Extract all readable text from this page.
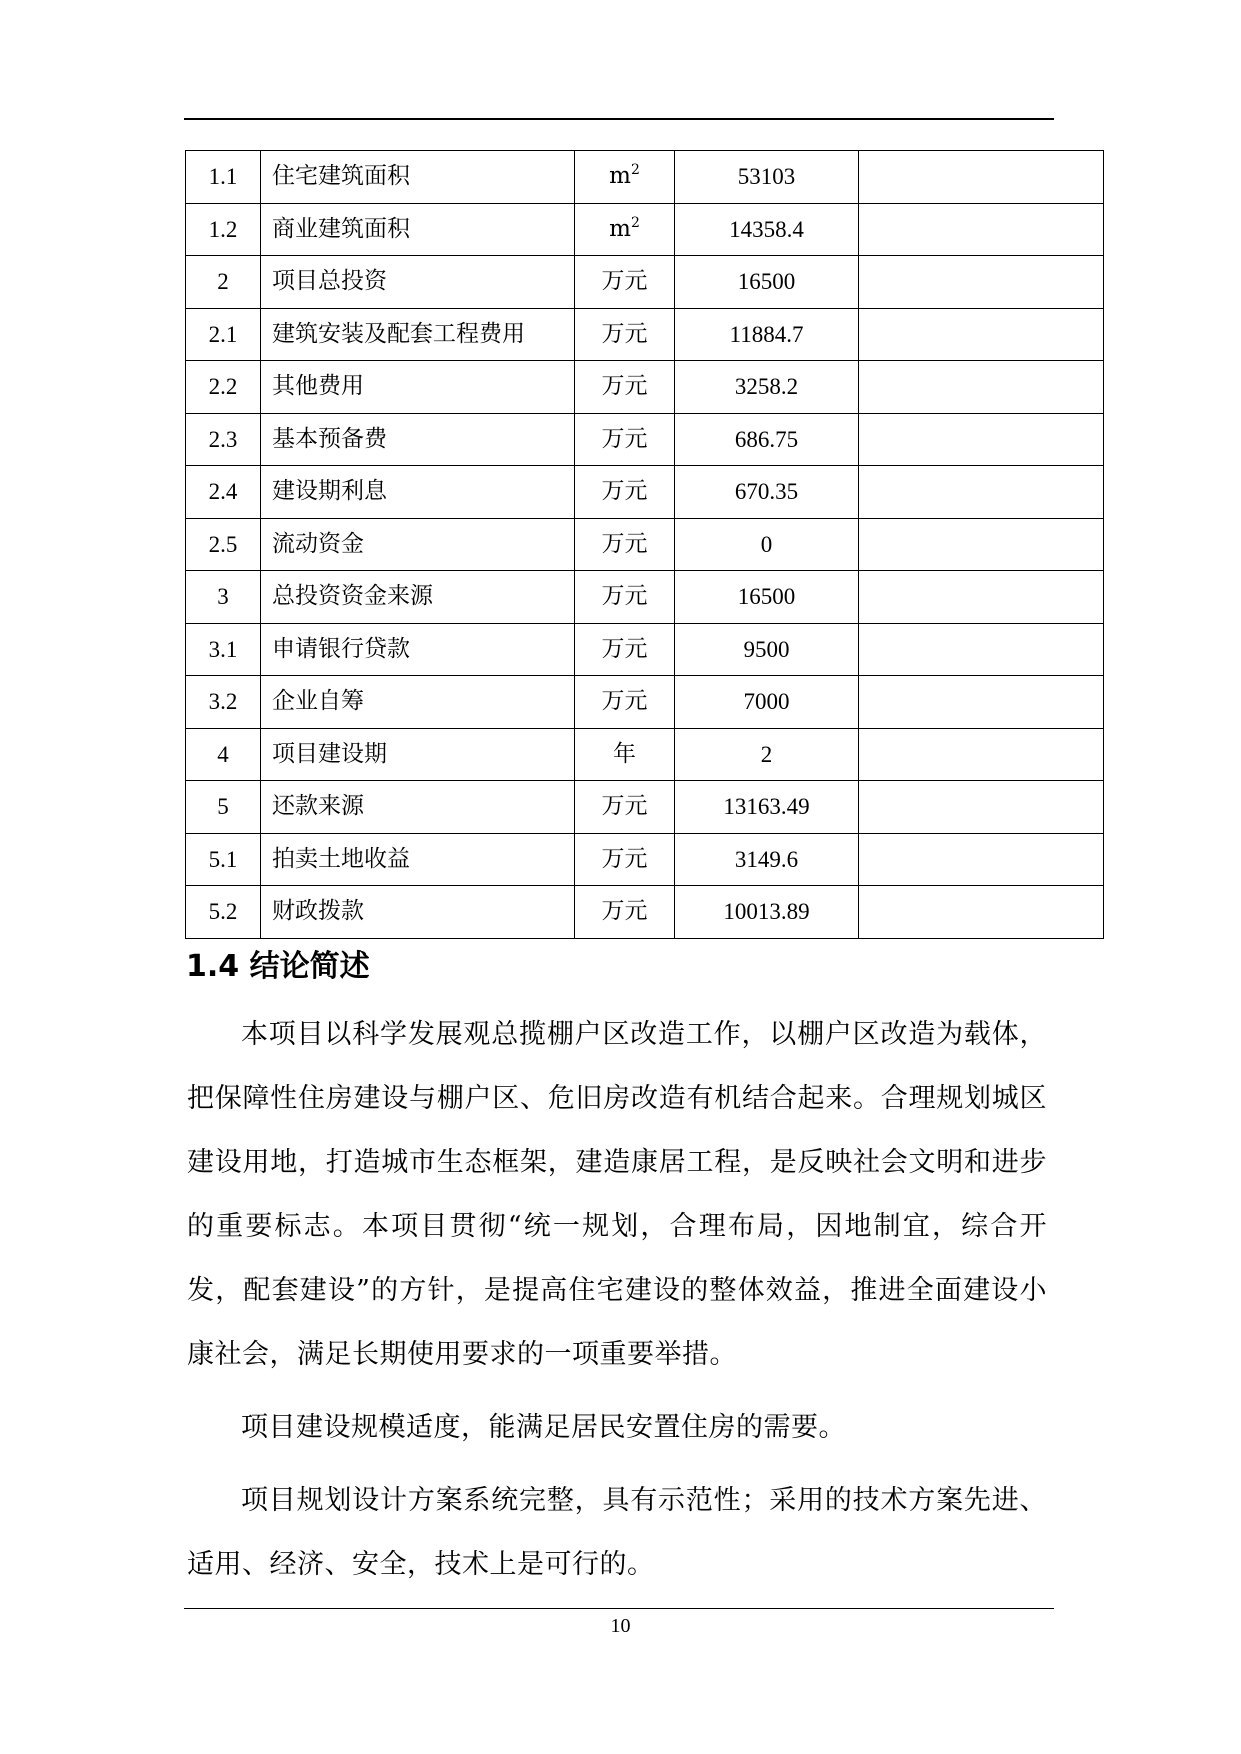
1.1	住宅建筑面积	$m^2$	53103	
1.2	商业建筑面积	$m^2$	14358.4	
2	项目总投资	万元	16500	
2.1	建筑安装及配套工程费用	万元	11884.7	
2.2	其他费用	万元	3258.2	
2.3	基本预备费	万元	686.75	
2.4	建设期利息	万元	670.35	
2.5	流动资金	万元	0	
3	总投资资金来源	万元	16500	
3.1	申请银行贷款	万元	9500	
3.2	企业自筹	万元	7000	
4	项目建设期	年	2	
5	还款来源	万元	13163.49	
5.1	拍卖土地收益	万元	3149.6	
5.2	财政拨款	万元	10013.89	
1.4 结论简述

本项目以科学发展观总揽棚户区改造工作，以棚户区改造为载体，把保障性住房建设与棚户区、危旧房改造有机结合起来。合理规划城区建设用地，打造城市生态框架，建造康居工程，是反映社会文明和进步的重要标志。本项目贯彻“统一规划，合理布局，因地制宜，综合开发，配套建设”的方针，是提高住宅建设的整体效益，推进全面建设小康社会，满足长期使用要求的一项重要举措。

项目建设规模适度，能满足居民安置住房的需要。

项目规划设计方案系统完整，具有示范性；采用的技术方案先进、适用、经济、安全，技术上是可行的。

10
